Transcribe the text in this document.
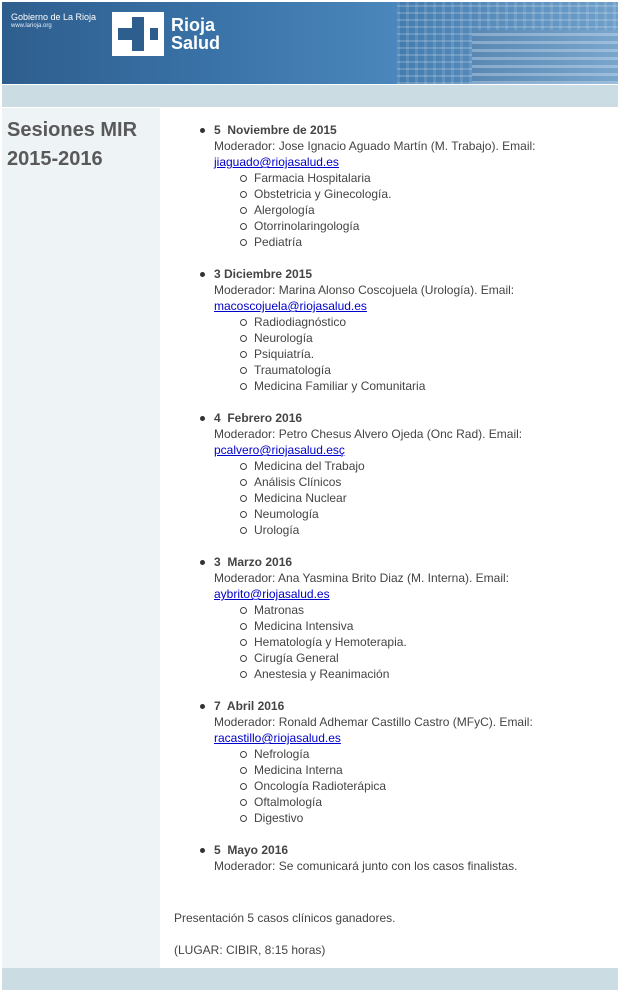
Gobierno de La Rioja
www.larioja.org	Rioja
Salud
Sesiones MIR
2015-2016
5  Noviembre de 2015
Moderador: Jose Ignacio Aguado Martín (M. Trabajo). Email:
jiaguado@riojasalud.es
Farmacia Hospitalaria
Obstetricia y Ginecología.
Alergología
Otorrinolaringología
Pediatría
3 Diciembre 2015
Moderador: Marina Alonso Coscojuela (Urología). Email:
macoscojuela@riojasalud.es
Radiodiagnóstico
Neurología
Psiquiatría.
Traumatología
Medicina Familiar y Comunitaria
4  Febrero 2016
Moderador: Petro Chesus Alvero Ojeda (Onc Rad). Email:
pcalvero@riojasalud.esç
Medicina del Trabajo
Análisis Clínicos
Medicina Nuclear
Neumología
Urología
3  Marzo 2016
Moderador: Ana Yasmina Brito Diaz (M. Interna). Email:
aybrito@riojasalud.es
Matronas
Medicina Intensiva
Hematología y Hemoterapia.
Cirugía General
Anestesia y Reanimación
7  Abril 2016
Moderador: Ronald Adhemar Castillo Castro (MFyC). Email:
racastillo@riojasalud.es
Nefrología
Medicina Interna
Oncología Radioterápica
Oftalmología
Digestivo
5  Mayo 2016
Moderador: Se comunicará junto con los casos finalistas.
Presentación 5 casos clínicos ganadores.
(LUGAR: CIBIR, 8:15 horas)
